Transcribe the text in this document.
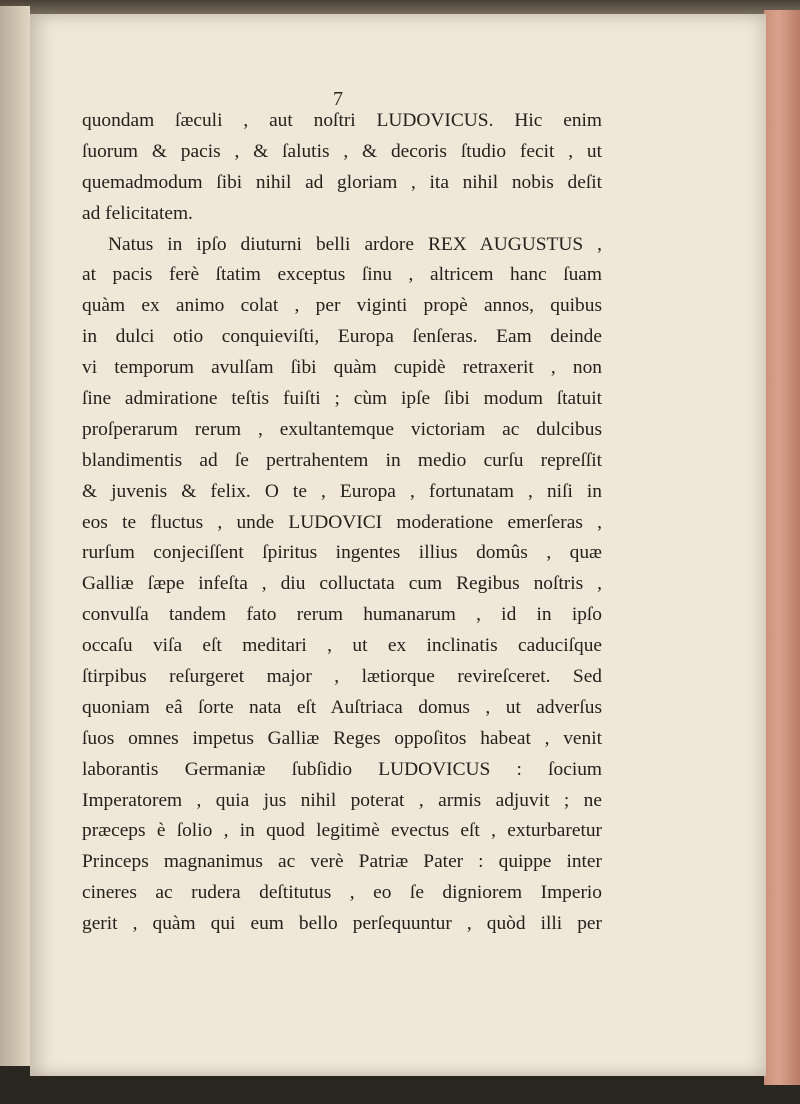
7
quondam ſæculi , aut noſtri LUDOVICUS. Hic enim
ſuorum & pacis , & ſalutis , & decoris ſtudio fecit , ut
quemadmodum ſibi nihil ad gloriam , ita nihil nobis deſit
ad felicitatem.
Natus in ipſo diuturni belli ardore REX AUGUSTUS ,
at pacis ferè ſtatim exceptus ſinu , altricem hanc ſuam
quàm ex animo colat , per viginti propè annos, quibus
in dulci otio conquieviſti, Europa ſenſeras. Eam deinde
vi temporum avulſam ſibi quàm cupidè retraxerit , non
ſine admiratione teſtis fuiſti ; cùm ipſe ſibi modum ſtatuit
proſperarum rerum , exultantemque victoriam ac dulcibus
blandimentis ad ſe pertrahentem in medio curſu repreſſit
& juvenis & felix. O te , Europa , fortunatam , niſi in
eos te fluctus , unde LUDOVICI moderatione emerſeras ,
rurſum conjeciſſent ſpiritus ingentes illius domûs , quæ
Galliæ ſæpe infeſta , diu colluctata cum Regibus noſtris ,
convulſa tandem fato rerum humanarum , id in ipſo
occaſu viſa eſt meditari , ut ex inclinatis caduciſque
ſtirpibus reſurgeret major , lætiorque revireſceret. Sed
quoniam eâ ſorte nata eſt Auſtriaca domus , ut adverſus
ſuos omnes impetus Galliæ Reges oppoſitos habeat , venit
laborantis Germaniæ ſubſidio LUDOVICUS : ſocium
Imperatorem , quia jus nihil poterat , armis adjuvit ; ne
præceps è ſolio , in quod legitimè evectus eſt , exturbaretur
Princeps magnanimus ac verè Patriæ Pater : quippe inter
cineres ac rudera deſtitutus , eo ſe digniorem Imperio
gerit , quàm qui eum bello perſequuntur , quòd illi per
